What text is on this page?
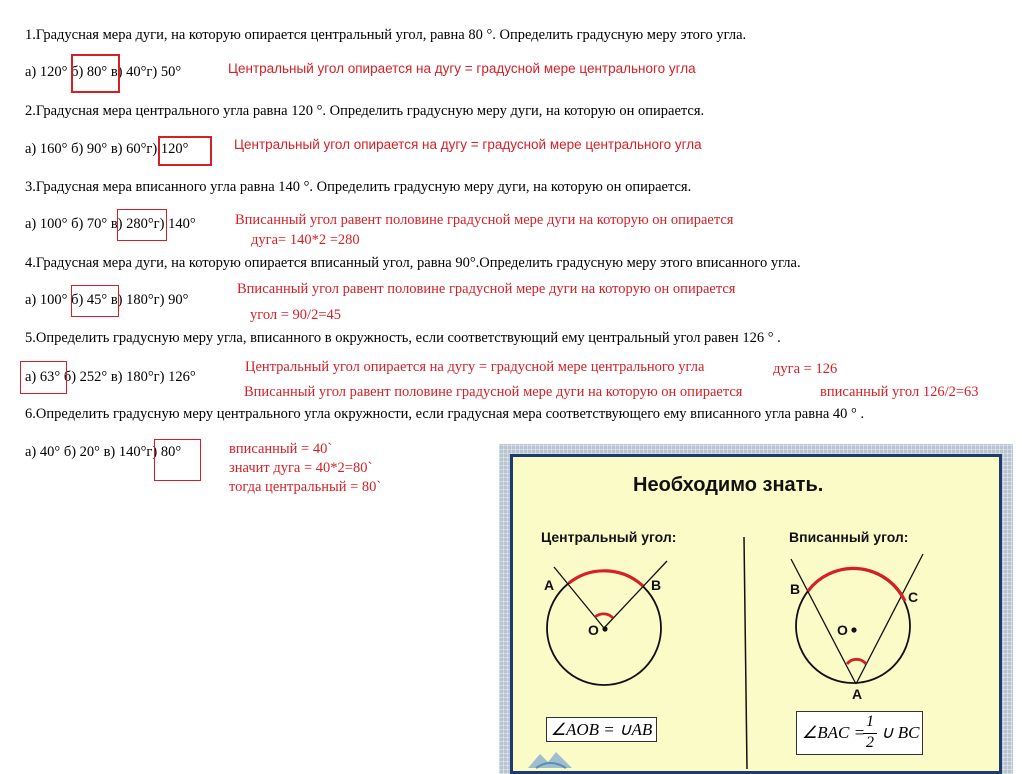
1.Градусная мера дуги, на которую опирается центральный угол, равна 80 °. Определить градусную меру этого угла.
а) 120° б) 80° в) 40°г) 50°	Центральный угол опирается на дугу = градусной мере центрального угла
2.Градусная мера центрального угла равна 120 °. Определить градусную меру дуги, на которую он опирается.
а) 160° б) 90° в) 60°г) 120°	Центральный угол опирается на дугу = градусной мере центрального угла
3.Градусная мера вписанного угла равна 140 °. Определить градусную меру дуги, на которую он опирается.
а) 100° б) 70° в) 280°г) 140°	Вписанный угол равент половине градусной мере дуги на которую он опирается
дуга= 140*2 =280
4.Градусная мера дуги, на которую опирается вписанный угол, равна 90°.Определить градусную меру этого вписанного угла.
а) 100° б) 45° в) 180°г) 90°
Вписанный угол равент половине градусной мере дуги на которую он опирается
угол = 90/2=45
5.Определить градусную меру угла, вписанного в окружность, если соответствующий ему центральный угол равен 126 ° .
а) 63° б) 252° в) 180°г) 126°
Центральный угол опирается на дугу = градусной мере центрального угла	дуга = 126
Вписанный угол равент половине градусной мере дуги на которую он опирается	вписанный угол 126/2=63
6.Определить градусную меру центрального угла окружности, если градусная мера соответствующего ему вписанного угла равна 40 ° .
а) 40° б) 20° в) 140°г) 80°	вписанный = 40`
значит дуга = 40*2=80`
тогда центральный = 80`	Необходимо знать.
Центральный угол:	Вписанный угол:
A	B
O
B	C
O
A
∠AOB = ∪AB	∠BAC =
1
2
∪ BC
